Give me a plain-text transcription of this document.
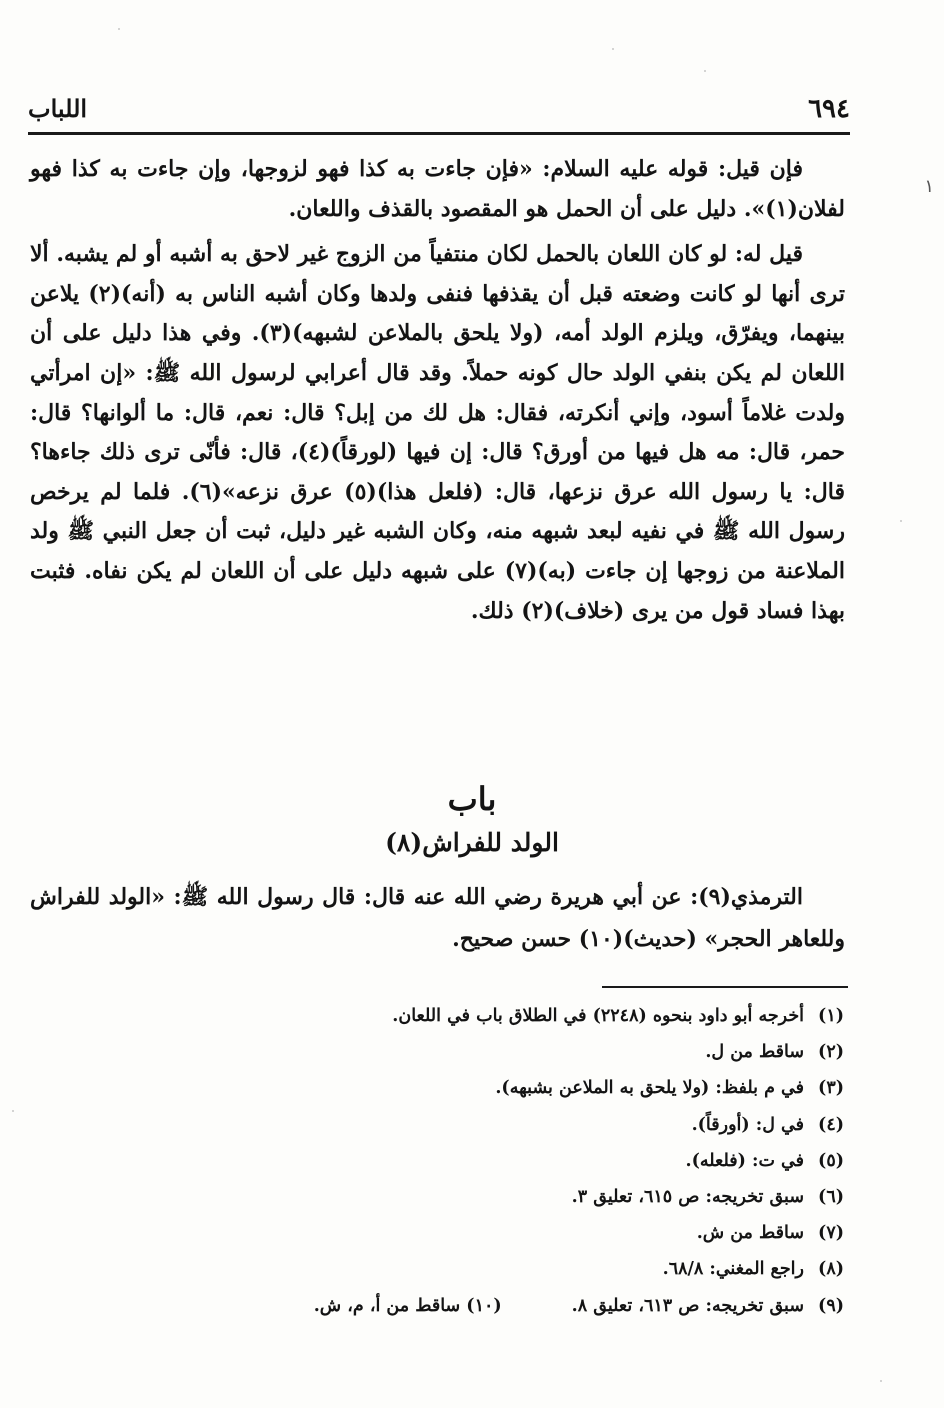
٦٩٤
اللباب
١

فإن قيل: قوله عليه السلام: «فإن جاءت به كذا فهو لزوجها، وإن جاءت به كذا فهو لفلان(١)». دليل على أن الحمل هو المقصود بالقذف واللعان.

قيل له: لو كان اللعان بالحمل لكان منتفياً من الزوج غير لاحق به أشبه أو لم يشبه. ألا ترى أنها لو كانت وضعته قبل أن يقذفها فنفى ولدها وكان أشبه الناس به (أنه)(٢) يلاعن بينهما، ويفرّق، ويلزم الولد أمه، (ولا يلحق بالملاعن لشبهه)(٣). وفي هذا دليل على أن اللعان لم يكن بنفي الولد حال كونه حملاً. وقد قال أعرابي لرسول الله ﷺ: «إن امرأتي ولدت غلاماً أسود، وإني أنكرته، فقال: هل لك من إبل؟ قال: نعم، قال: ما ألوانها؟ قال: حمر، قال: مه هل فيها من أورق؟ قال: إن فيها (لورقاً)(٤)، قال: فأنّى ترى ذلك جاءها؟ قال: يا رسول الله عرق نزعها، قال: (فلعل هذا)(٥) عرق نزعه»(٦). فلما لم يرخص رسول الله ﷺ في نفيه لبعد شبهه منه، وكان الشبه غير دليل، ثبت أن جعل النبي ﷺ ولد الملاعنة من زوجها إن جاءت (به)(٧) على شبهه دليل على أن اللعان لم يكن نفاه. فثبت بهذا فساد قول من يرى (خلاف)(٢) ذلك.

باب
الولد للفراش(٨)

الترمذي(٩): عن أبي هريرة رضي الله عنه قال: قال رسول الله ﷺ: «الولد للفراش وللعاهر الحجر» (حديث)(١٠) حسن صحيح.

(١)أخرجه أبو داود بنحوه (٢٢٤٨) في الطلاق باب في اللعان.
(٢)ساقط من ل.
(٣)في م بلفظ: (ولا يلحق به الملاعن بشبهه).
(٤)في ل: (أورقاً).
(٥)في ت: (فلعله).
(٦)سبق تخريجه: ص ٦١٥، تعليق ٣.
(٧)ساقط من ش.
(٨)راجع المغني: ٦٨/٨.
(٩)سبق تخريجه: ص ٦١٣، تعليق ٨.(١٠) ساقط من أ، م، ش.
